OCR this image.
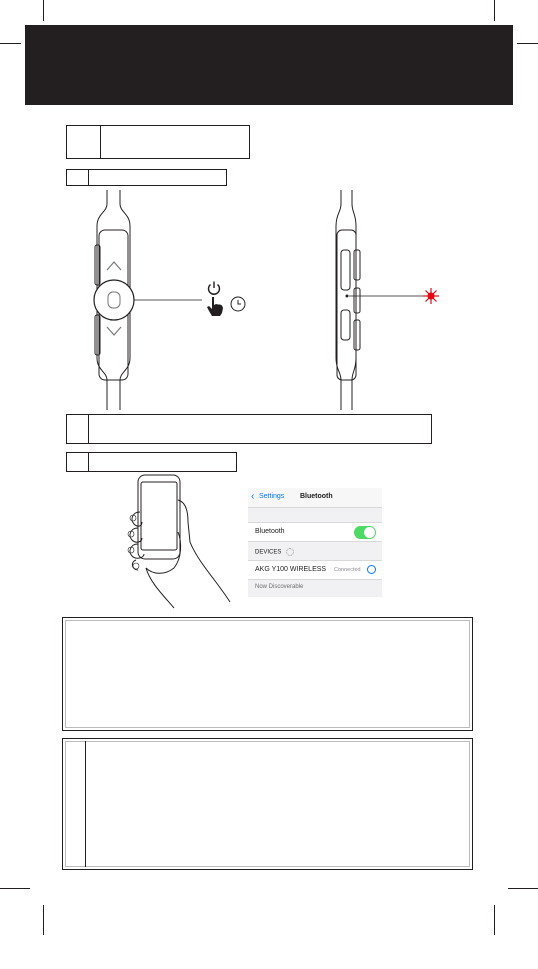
‹ Settings Bluetooth
Bluetooth
DEVICES
AKG Y100 WIRELESS Connected
Now Discoverable
